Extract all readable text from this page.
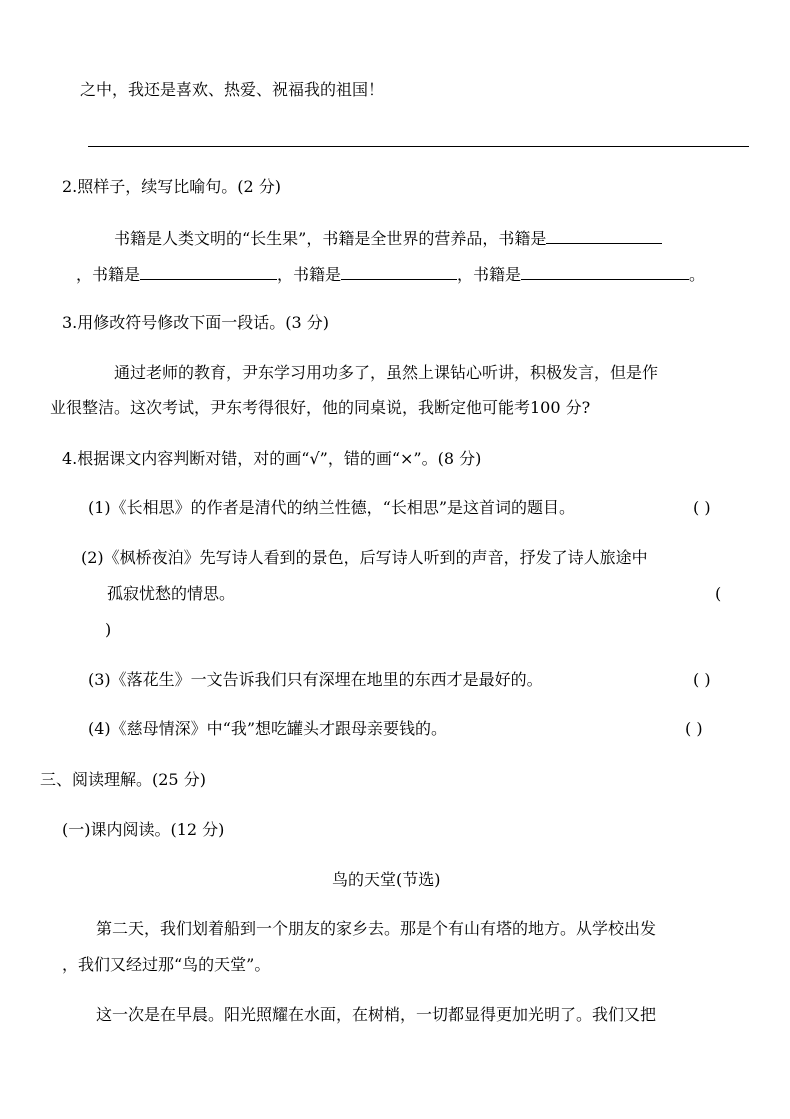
之中，我还是喜欢、热爱、祝福我的祖国！
2.照样子，续写比喻句。(2 分)
书籍是人类文明的“长生果”，书籍是全世界的营养品，书籍是
，书籍是	，书籍是	，书籍是	。
3.用修改符号修改下面一段话。(3 分)
通过老师的教育，尹东学习用功多了，虽然上课钻心听讲，积极发言，但是作
业很整洁。这次考试，尹东考得很好，他的同桌说，我断定他可能考100 分?
4.根据课文内容判断对错，对的画“√”，错的画“×”。(8 分)
(1)《长相思》的作者是清代的纳兰性德，“长相思”是这首词的题目。	( )
(2)《枫桥夜泊》先写诗人看到的景色，后写诗人听到的声音，抒发了诗人旅途中
孤寂忧愁的情思。	(
)
(3)《落花生》一文告诉我们只有深埋在地里的东西才是最好的。	( )
(4)《慈母情深》中“我”想吃罐头才跟母亲要钱的。	( )
三、阅读理解。(25 分)
(一)课内阅读。(12 分)
鸟的天堂(节选)
第二天，我们划着船到一个朋友的家乡去。那是个有山有塔的地方。从学校出发
，我们又经过那“鸟的天堂”。
这一次是在早晨。阳光照耀在水面，在树梢，一切都显得更加光明了。我们又把
